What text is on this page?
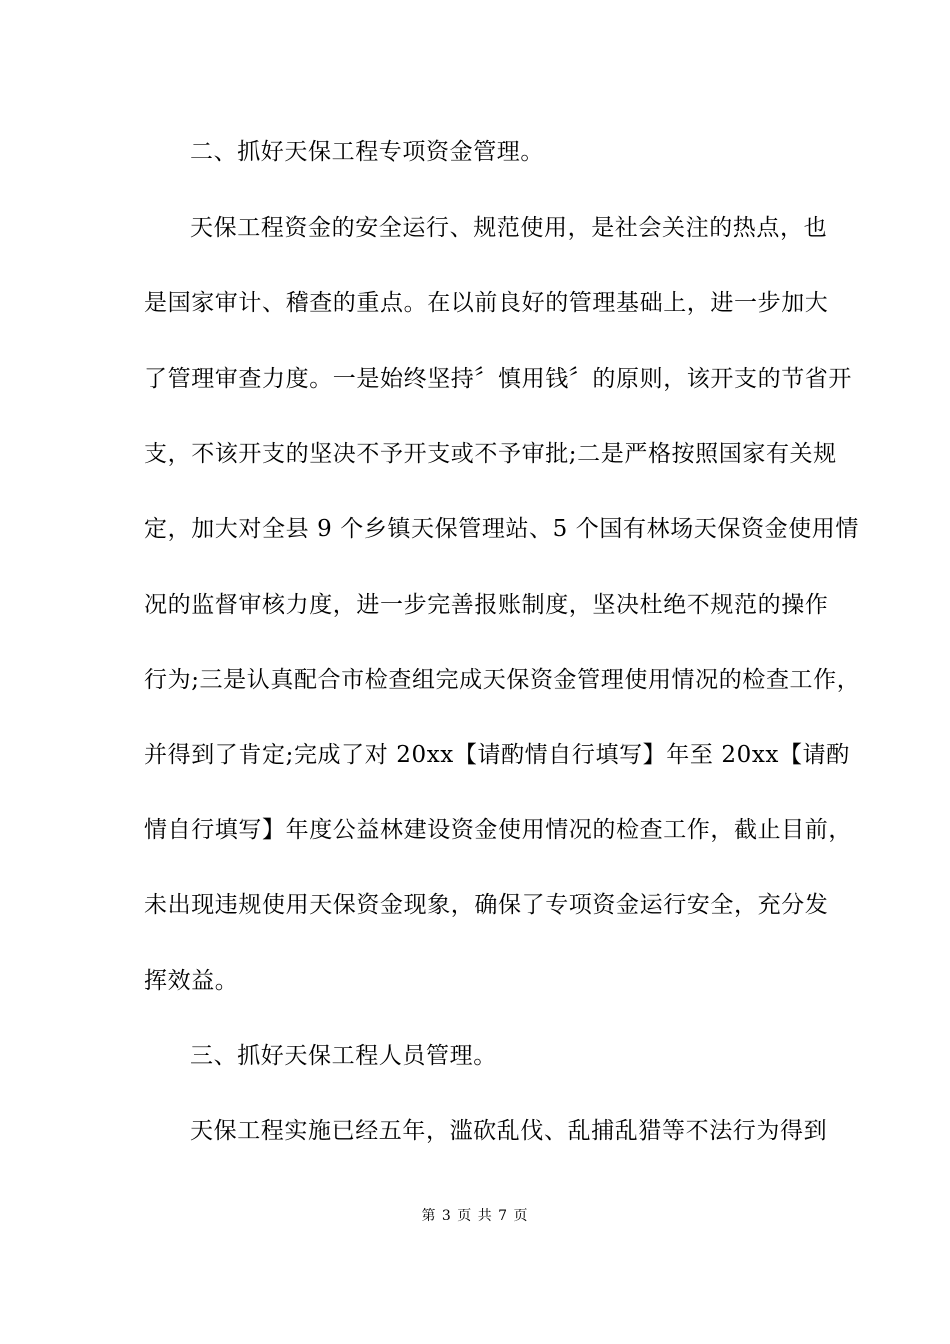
二、抓好天保工程专项资金管理。
天保工程资金的安全运行、规范使用，是社会关注的热点，也
是国家审计、稽查的重点。在以前良好的管理基础上，进一步加大
了管理审查力度。一是始终坚持〞慎用钱〞的原则，该开支的节省开
支，不该开支的坚决不予开支或不予审批;二是严格按照国家有关规
定，加大对全县 9 个乡镇天保管理站、5 个国有林场天保资金使用情
况的监督审核力度，进一步完善报账制度，坚决杜绝不规范的操作
行为;三是认真配合市检查组完成天保资金管理使用情况的检查工作，
并得到了肯定;完成了对 20xx【请酌情自行填写】年至 20xx【请酌
情自行填写】年度公益林建设资金使用情况的检查工作，截止目前，
未出现违规使用天保资金现象，确保了专项资金运行安全，充分发
挥效益。
三、抓好天保工程人员管理。
天保工程实施已经五年，滥砍乱伐、乱捕乱猎等不法行为得到
第 3 页 共 7 页
